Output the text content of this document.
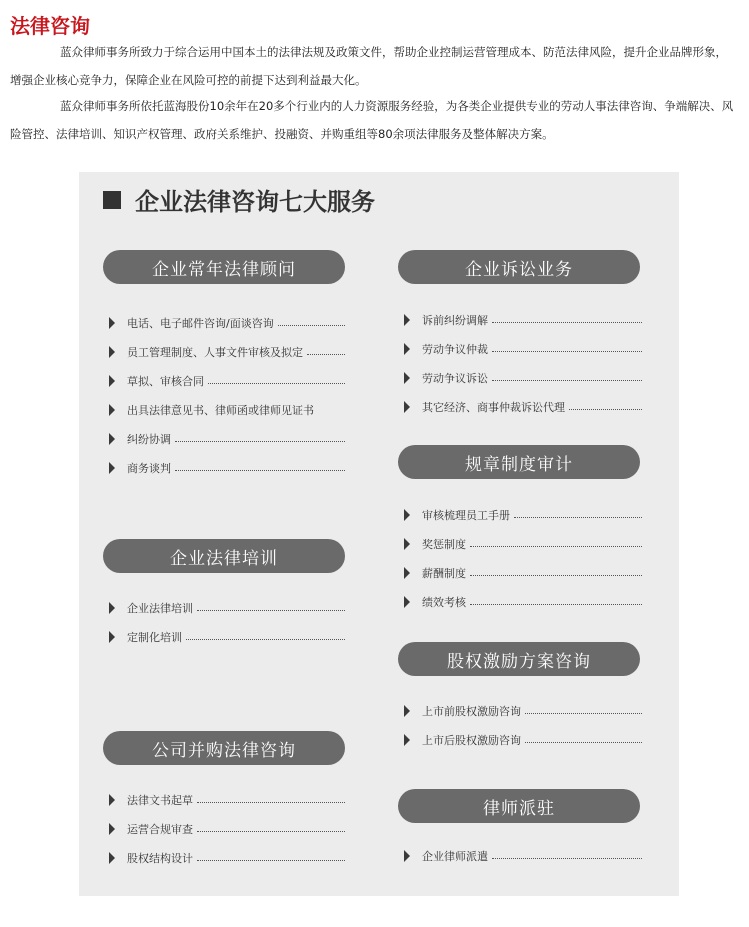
法律咨询
蓝众律师事务所致力于综合运用中国本土的法律法规及政策文件，帮助企业控制运营管理成本、防范法律风险，提升企业品牌形象，增强企业核心竞争力，保障企业在风险可控的前提下达到利益最大化。
蓝众律师事务所依托蓝海股份10余年在20多个行业内的人力资源服务经验，为各类企业提供专业的劳动人事法律咨询、争端解决、风险管控、法律培训、知识产权管理、政府关系维护、投融资、并购重组等80余项法律服务及整体解决方案。
企业法律咨询七大服务
企业常年法律顾问
电话、电子邮件咨询/面谈咨询
员工管理制度、人事文件审核及拟定
草拟、审核合同
出具法律意见书、律师函或律师见证书
纠纷协调
商务谈判
企业法律培训
企业法律培训
定制化培训
公司并购法律咨询
法律文书起草
运营合规审查
股权结构设计
企业诉讼业务
诉前纠纷调解
劳动争议仲裁
劳动争议诉讼
其它经济、商事仲裁诉讼代理
规章制度审计
审核梳理员工手册
奖惩制度
薪酬制度
绩效考核
股权激励方案咨询
上市前股权激励咨询
上市后股权激励咨询
律师派驻
企业律师派遣
